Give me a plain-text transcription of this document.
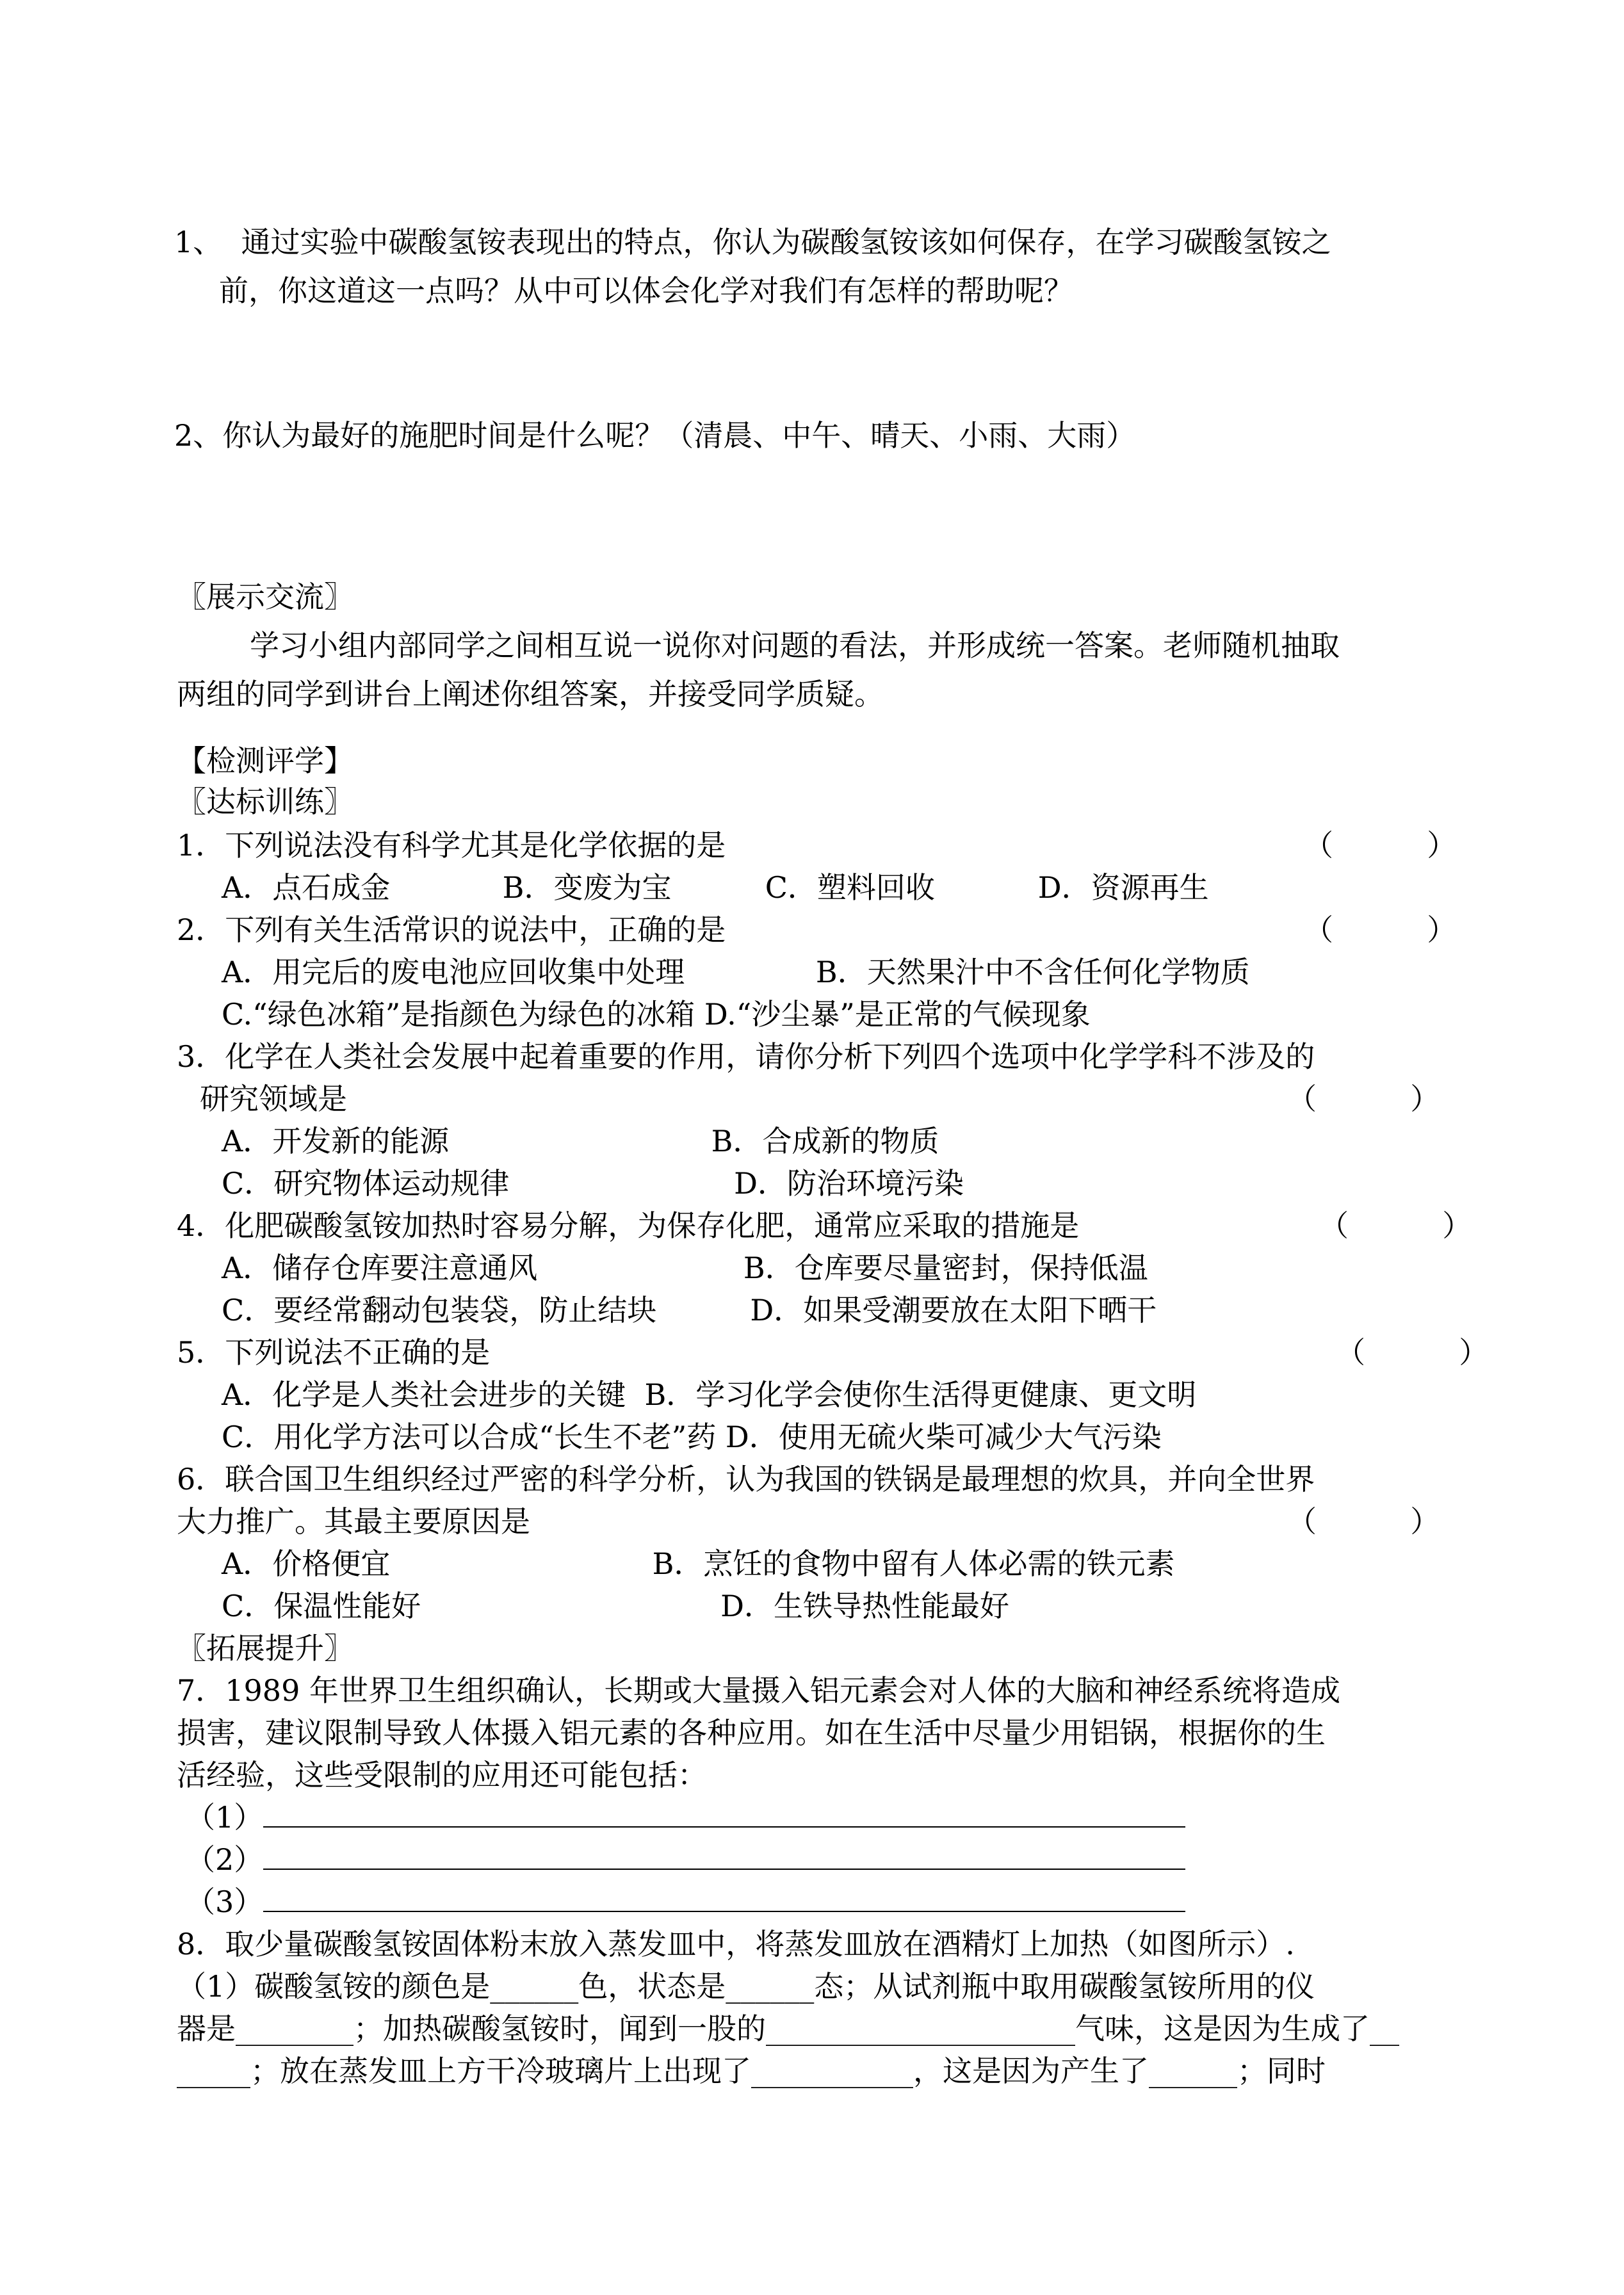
1、  通过实验中碳酸氢铵表现出的特点，你认为碳酸氢铵该如何保存，在学习碳酸氢铵之
前，你这道这一点吗？从中可以体会化学对我们有怎样的帮助呢？
2、你认为最好的施肥时间是什么呢？（清晨、中午、晴天、小雨、大雨）
〖展示交流〗
学习小组内部同学之间相互说一说你对问题的看法，并形成统一答案。老师随机抽取
两组的同学到讲台上阐述你组答案，并接受同学质疑。
【检测评学】
〖达标训练〗
1．下列说法没有科学尤其是化学依据的是	（          ）
A．点石成金            B．变废为宝          C．塑料回收           D．资源再生
2．下列有关生活常识的说法中，正确的是	（          ）
A．用完后的废电池应回收集中处理              B．天然果汁中不含任何化学物质
C.“绿色冰箱”是指颜色为绿色的冰箱 D.“沙尘暴”是正常的气候现象
3．化学在人类社会发展中起着重要的作用，请你分析下列四个选项中化学学科不涉及的
研究领域是	（          ）
A．开发新的能源                            B．合成新的物质
C．研究物体运动规律                        D．防治环境污染
4．化肥碳酸氢铵加热时容易分解，为保存化肥，通常应采取的措施是	（          ）
A．储存仓库要注意通风                      B．仓库要尽量密封，保持低温
C．要经常翻动包装袋，防止结块          D．如果受潮要放在太阳下晒干
5．下列说法不正确的是	（          ）
A．化学是人类社会进步的关键  B．学习化学会使你生活得更健康、更文明
C．用化学方法可以合成“长生不老”药 D．使用无硫火柴可减少大气污染
6．联合国卫生组织经过严密的科学分析，认为我国的铁锅是最理想的炊具，并向全世界
大力推广。其最主要原因是	（          ）
A．价格便宜                            B．烹饪的食物中留有人体必需的铁元素
C．保温性能好                                D．生铁导热性能最好
〖拓展提升〗
7．1989 年世界卫生组织确认，长期或大量摄入铝元素会对人体的大脑和神经系统将造成
损害，建议限制导致人体摄入铝元素的各种应用。如在生活中尽量少用铝锅，根据你的生
活经验，这些受限制的应用还可能包括：
（1）
（2）
（3）
8．取少量碳酸氢铵固体粉末放入蒸发皿中，将蒸发皿放在酒精灯上加热（如图所示）.
（1）碳酸氢铵的颜色是______色，状态是______态；从试剂瓶中取用碳酸氢铵所用的仪
器是________；加热碳酸氢铵时，闻到一股的_____________________气味，这是因为生成了__
_____；放在蒸发皿上方干冷玻璃片上出现了___________，这是因为产生了______；同时
